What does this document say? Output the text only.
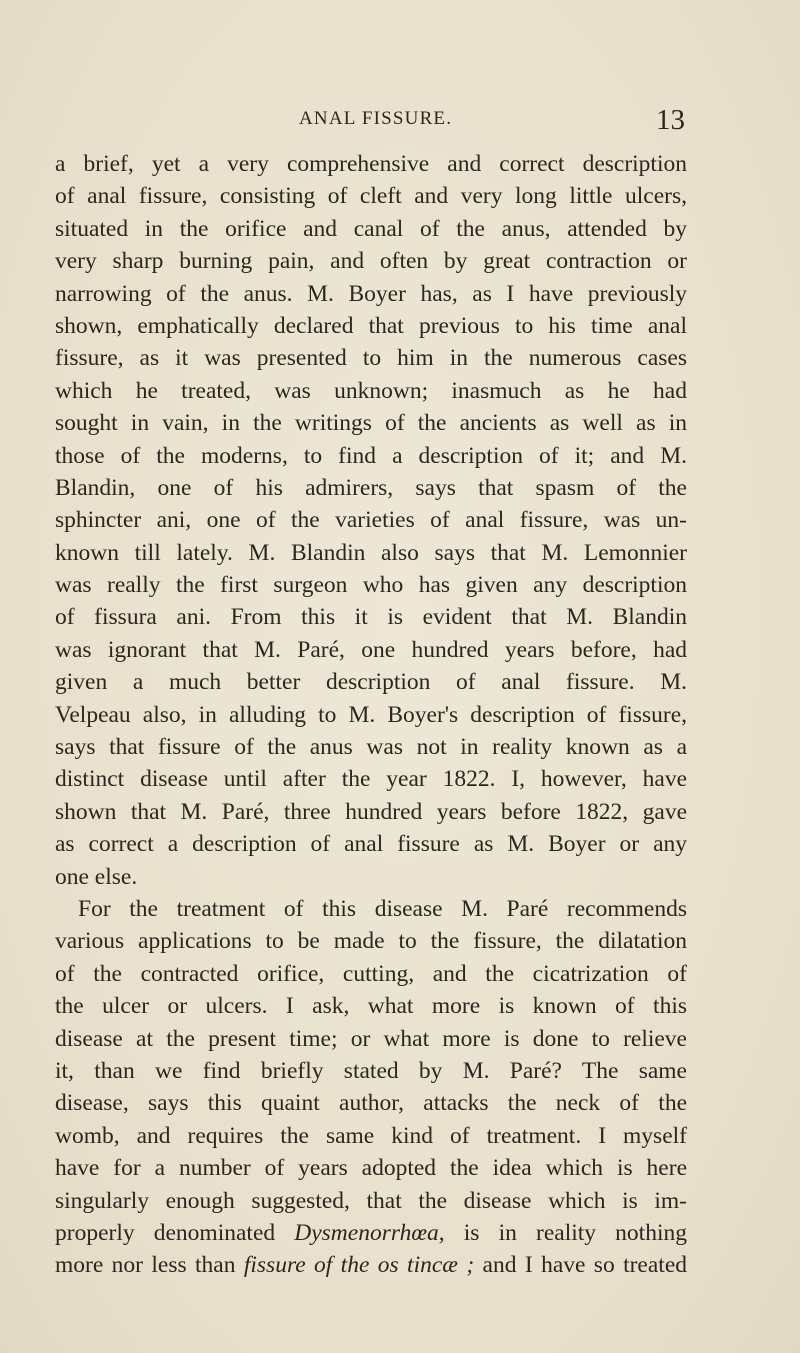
ANAL FISSURE.	13
a brief, yet a very comprehensive and correct description
of anal fissure, consisting of cleft and very long little ulcers,
situated in the orifice and canal of the anus, attended by
very sharp burning pain, and often by great contraction or
narrowing of the anus. M. Boyer has, as I have previously
shown, emphatically declared that previous to his time anal
fissure, as it was presented to him in the numerous cases
which he treated, was unknown; inasmuch as he had
sought in vain, in the writings of the ancients as well as in
those of the moderns, to find a description of it; and M.
Blandin, one of his admirers, says that spasm of the
sphincter ani, one of the varieties of anal fissure, was un-
known till lately. M. Blandin also says that M. Lemonnier
was really the first surgeon who has given any description
of fissura ani. From this it is evident that M. Blandin
was ignorant that M. Paré, one hundred years before, had
given a much better description of anal fissure. M.
Velpeau also, in alluding to M. Boyer's description of fissure,
says that fissure of the anus was not in reality known as a
distinct disease until after the year 1822. I, however, have
shown that M. Paré, three hundred years before 1822, gave
as correct a description of anal fissure as M. Boyer or any
one else.
For the treatment of this disease M. Paré recommends
various applications to be made to the fissure, the dilatation
of the contracted orifice, cutting, and the cicatrization of
the ulcer or ulcers. I ask, what more is known of this
disease at the present time; or what more is done to relieve
it, than we find briefly stated by M. Paré? The same
disease, says this quaint author, attacks the neck of the
womb, and requires the same kind of treatment. I myself
have for a number of years adopted the idea which is here
singularly enough suggested, that the disease which is im-
properly denominated Dysmenorrhœa, is in reality nothing
more nor less than fissure of the os tincæ ; and I have so treated
